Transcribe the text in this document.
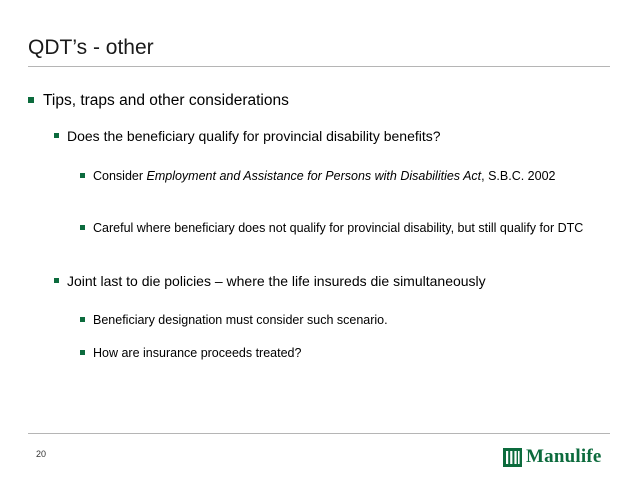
QDT’s - other
Tips, traps and other considerations
Does the beneficiary qualify for provincial disability benefits?
Consider Employment and Assistance for Persons with Disabilities Act, S.B.C. 2002
Careful where beneficiary does not qualify for provincial disability, but still qualify for DTC
Joint last to die policies – where the life insureds die simultaneously
Beneficiary designation must consider such scenario.
How are insurance proceeds treated?
20	Manulife
